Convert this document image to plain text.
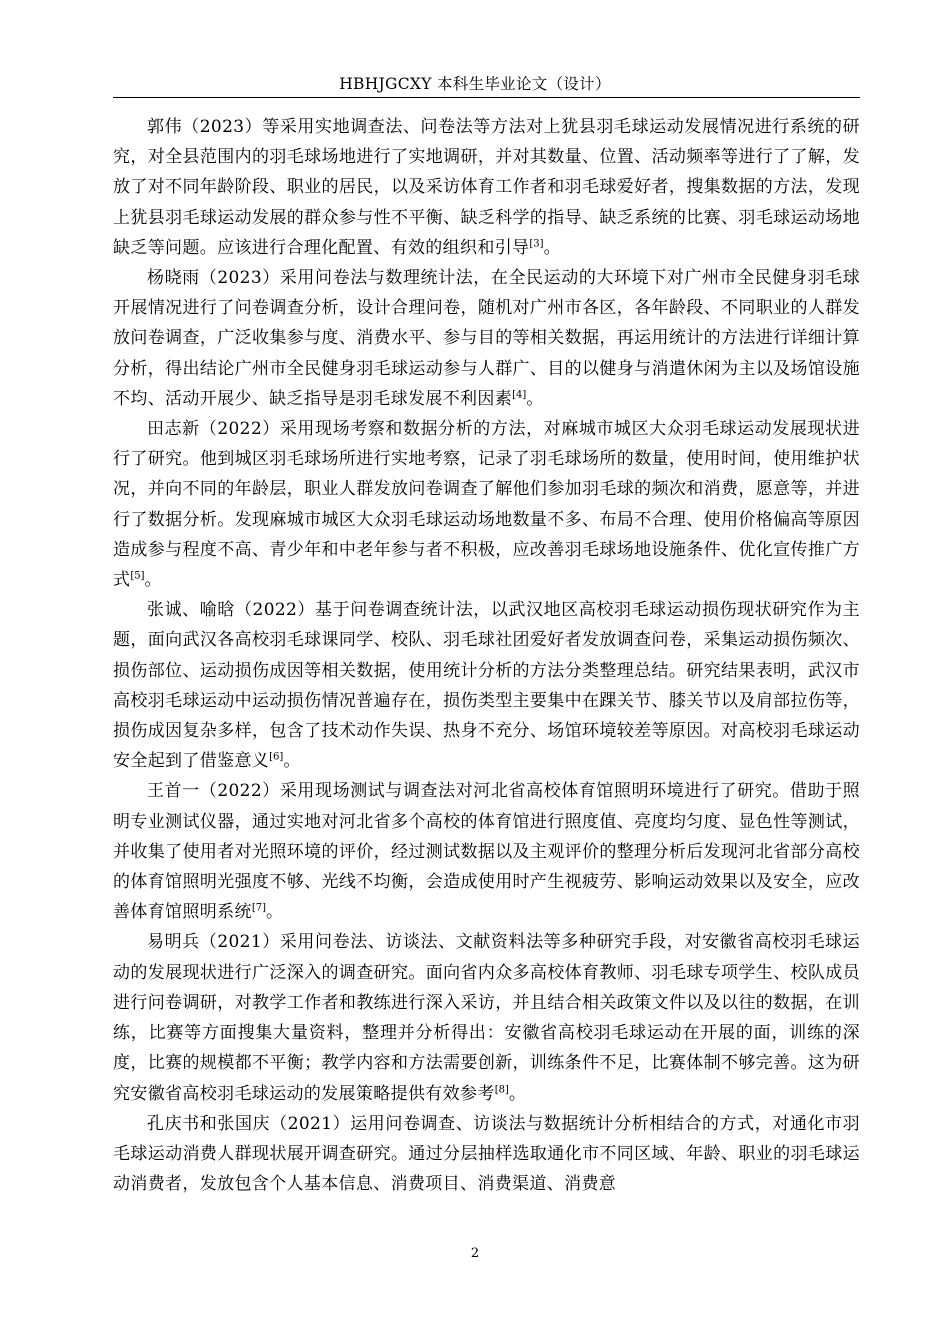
HBHJGCXY 本科生毕业论文（设计）

郭伟（2023）等采用实地调查法、问卷法等方法对上犹县羽毛球运动发展情况进行系统的研究，对全县范围内的羽毛球场地进行了实地调研，并对其数量、位置、活动频率等进行了了解，发放了对不同年龄阶段、职业的居民，以及采访体育工作者和羽毛球爱好者，搜集数据的方法，发现上犹县羽毛球运动发展的群众参与性不平衡、缺乏科学的指导、缺乏系统的比赛、羽毛球运动场地缺乏等问题。应该进行合理化配置、有效的组织和引导[3]。

杨晓雨（2023）采用问卷法与数理统计法，在全民运动的大环境下对广州市全民健身羽毛球开展情况进行了问卷调查分析，设计合理问卷，随机对广州市各区，各年龄段、不同职业的人群发放问卷调查，广泛收集参与度、消费水平、参与目的等相关数据，再运用统计的方法进行详细计算分析，得出结论广州市全民健身羽毛球运动参与人群广、目的以健身与消遣休闲为主以及场馆设施不均、活动开展少、缺乏指导是羽毛球发展不利因素[4]。

田志新（2022）采用现场考察和数据分析的方法，对麻城市城区大众羽毛球运动发展现状进行了研究。他到城区羽毛球场所进行实地考察，记录了羽毛球场所的数量，使用时间，使用维护状况，并向不同的年龄层，职业人群发放问卷调查了解他们参加羽毛球的频次和消费，愿意等，并进行了数据分析。发现麻城市城区大众羽毛球运动场地数量不多、布局不合理、使用价格偏高等原因造成参与程度不高、青少年和中老年参与者不积极，应改善羽毛球场地设施条件、优化宣传推广方式[5]。

张诚、喻晗（2022）基于问卷调查统计法，以武汉地区高校羽毛球运动损伤现状研究作为主题，面向武汉各高校羽毛球课同学、校队、羽毛球社团爱好者发放调查问卷，采集运动损伤频次、损伤部位、运动损伤成因等相关数据，使用统计分析的方法分类整理总结。研究结果表明，武汉市高校羽毛球运动中运动损伤情况普遍存在，损伤类型主要集中在踝关节、膝关节以及肩部拉伤等，损伤成因复杂多样，包含了技术动作失误、热身不充分、场馆环境较差等原因。对高校羽毛球运动安全起到了借鉴意义[6]。

王首一（2022）采用现场测试与调查法对河北省高校体育馆照明环境进行了研究。借助于照明专业测试仪器，通过实地对河北省多个高校的体育馆进行照度值、亮度均匀度、显色性等测试，并收集了使用者对光照环境的评价，经过测试数据以及主观评价的整理分析后发现河北省部分高校的体育馆照明光强度不够、光线不均衡，会造成使用时产生视疲劳、影响运动效果以及安全，应改善体育馆照明系统[7]。

易明兵（2021）采用问卷法、访谈法、文献资料法等多种研究手段，对安徽省高校羽毛球运动的发展现状进行广泛深入的调查研究。面向省内众多高校体育教师、羽毛球专项学生、校队成员进行问卷调研，对教学工作者和教练进行深入采访，并且结合相关政策文件以及以往的数据，在训练，比赛等方面搜集大量资料，整理并分析得出：安徽省高校羽毛球运动在开展的面，训练的深度，比赛的规模都不平衡；教学内容和方法需要创新，训练条件不足，比赛体制不够完善。这为研究安徽省高校羽毛球运动的发展策略提供有效参考[8]。

孔庆书和张国庆（2021）运用问卷调查、访谈法与数据统计分析相结合的方式，对通化市羽毛球运动消费人群现状展开调查研究。通过分层抽样选取通化市不同区域、年龄、职业的羽毛球运动消费者，发放包含个人基本信息、消费项目、消费渠道、消费意

2
